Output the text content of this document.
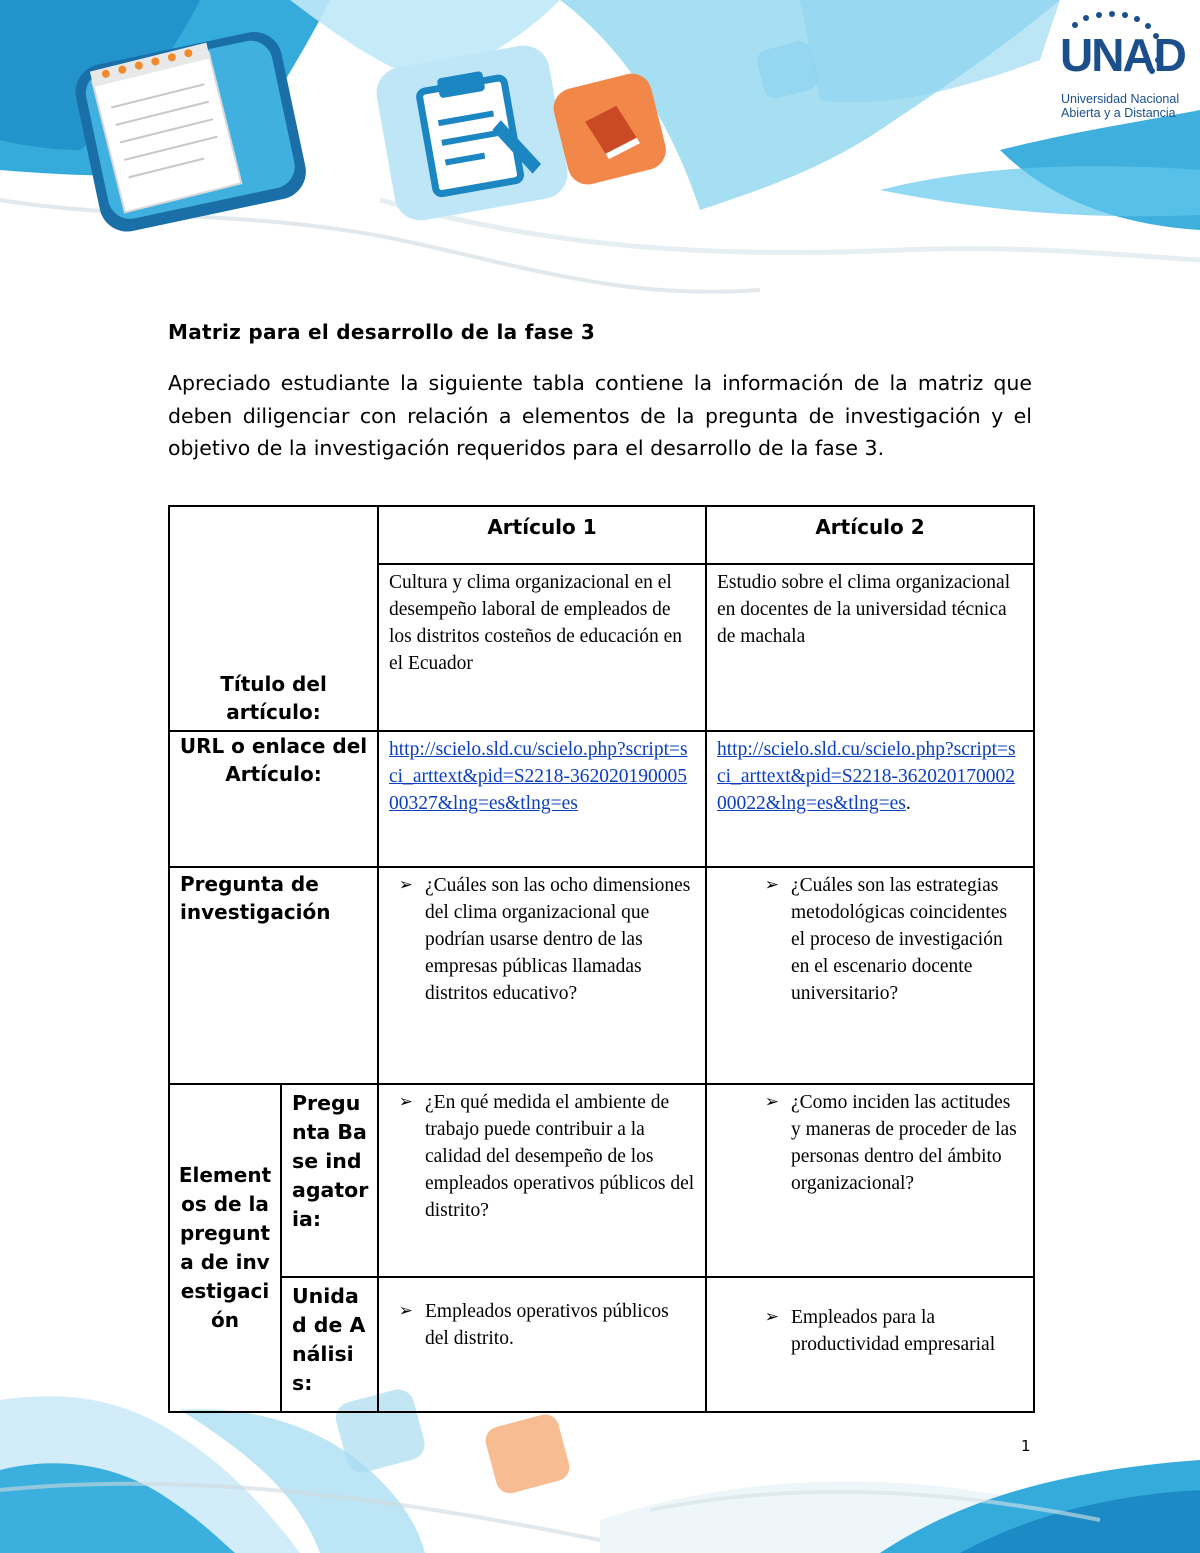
UNAD
Universidad Nacional
Abierta y a Distancia
Matriz para el desarrollo de la fase 3
Apreciado estudiante la siguiente tabla contiene la información de la matriz que deben diligenciar con relación a elementos de la pregunta de investigación y el objetivo de la investigación requeridos para el desarrollo de la fase 3.
Título del artículo:		Artículo 1	Artículo 2
		Cultura y clima organizacional en el desempeño laboral de empleados de los distritos costeños de educación en el Ecuador	Estudio sobre el clima organizacional en docentes de la universidad técnica de machala
URL o enlace del Artículo:		http://scielo.sld.cu/scielo.php?script=sci_arttext&pid=S2218-36202019000500327&lng=es&tlng=es	http://scielo.sld.cu/scielo.php?script=sci_arttext&pid=S2218-36202017000200022&lng=es&tlng=es.
Pregunta de investigación		➢ ¿Cuáles son las ocho dimensiones del clima organizacional que podrían usarse dentro de las empresas públicas llamadas distritos educativo?	➢ ¿Cuáles son las estrategias metodológicas coincidentes el proceso de investigación en el escenario docente universitario?

Elementos de la pregunta de investigación	Pregunta Base indagatoria:	➢ ¿En qué medida el ambiente de trabajo puede contribuir a la calidad del desempeño de los empleados operativos públicos del distrito?	➢ ¿Como inciden las actitudes y maneras de proceder de las personas dentro del ámbito organizacional?

	Unidad de Análisis:	➢ Empleados operativos públicos del distrito.	➢ Empleados para la productividad empresarial
1
